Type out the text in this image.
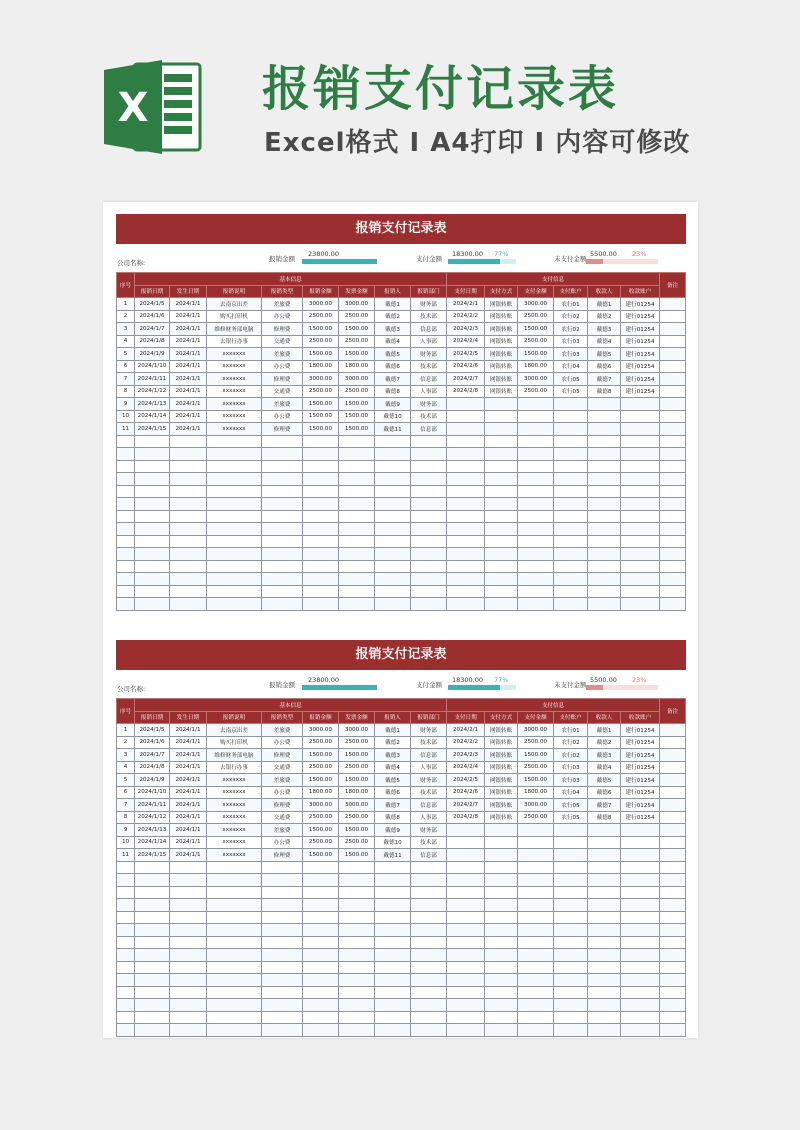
X 报销支付记录表
Excel格式 I A4打印 I 内容可修改
报销支付记录表
公司名称:	报销金额
23800.00
支付金额
18300.00 77%
未支付金额
5500.00 23%
序号	基本信息								支付信息						备注
	报销日期	发生日期	报销说明	报销类型	报销金额	发票金额	报销人	报销部门	支付日期	支付方式	支付金额	支付账户	收款人	收款账户	
1	2024/1/5	2024/1/1	去南京出差	差旅费	3000.00	3000.00	戴德1	财务部	2024/2/1	网银转账	3000.00	农行01	戴德1	建行01254	
2	2024/1/6	2024/1/1	购买打印机	办公费	2500.00	2500.00	戴德2	技术部	2024/2/2	网银转账	2500.00	农行02	戴德2	建行01254	
3	2024/1/7	2024/1/1	维修财务部电脑	修理费	1500.00	1500.00	戴德3	信息部	2024/2/3	网银转账	1500.00	农行02	戴德3	建行01254	
4	2024/1/8	2024/1/1	去银行办事	交通费	2500.00	2500.00	戴德4	人事部	2024/2/4	网银转账	2500.00	农行03	戴德4	建行01254	
5	2024/1/9	2024/1/1	xxxxxxx	差旅费	1500.00	1500.00	戴德5	财务部	2024/2/5	网银转账	1500.00	农行03	戴德5	建行01254	
6	2024/1/10	2024/1/1	xxxxxxx	办公费	1800.00	1800.00	戴德6	技术部	2024/2/6	网银转账	1800.00	农行04	戴德6	建行01254	
7	2024/1/11	2024/1/1	xxxxxxx	修理费	3000.00	3000.00	戴德7	信息部	2024/2/7	网银转账	3000.00	农行05	戴德7	建行01254	
8	2024/1/12	2024/1/1	xxxxxxx	交通费	2500.00	2500.00	戴德8	人事部	2024/2/8	网银转账	2500.00	农行05	戴德8	建行01254	
9	2024/1/13	2024/1/1	xxxxxxx	差旅费	1500.00	1500.00	戴德9	财务部							
10	2024/1/14	2024/1/1	xxxxxxx	办公费	1500.00	1500.00	戴德10	技术部							
11	2024/1/15	2024/1/1	xxxxxxx	修理费	1500.00	1500.00	戴德11	信息部							

报销支付记录表
公司名称:	报销金额
23800.00
支付金额
18300.00 77%
未支付金额
5500.00 23%
序号	基本信息								支付信息						备注
	报销日期	发生日期	报销说明	报销类型	报销金额	发票金额	报销人	报销部门	支付日期	支付方式	支付金额	支付账户	收款人	收款账户	
1	2024/1/5	2024/1/1	去南京出差	差旅费	3000.00	3000.00	戴德1	财务部	2024/2/1	网银转账	3000.00	农行01	戴德1	建行01254	
2	2024/1/6	2024/1/1	购买打印机	办公费	2500.00	2500.00	戴德2	技术部	2024/2/2	网银转账	2500.00	农行02	戴德2	建行01254	
3	2024/1/7	2024/1/1	维修财务部电脑	修理费	1500.00	1500.00	戴德3	信息部	2024/2/3	网银转账	1500.00	农行02	戴德3	建行01254	
4	2024/1/8	2024/1/1	去银行办事	交通费	2500.00	2500.00	戴德4	人事部	2024/2/4	网银转账	2500.00	农行03	戴德4	建行01254	
5	2024/1/9	2024/1/1	xxxxxxx	差旅费	1500.00	1500.00	戴德5	财务部	2024/2/5	网银转账	1500.00	农行03	戴德5	建行01254	
6	2024/1/10	2024/1/1	xxxxxxx	办公费	1800.00	1800.00	戴德6	技术部	2024/2/6	网银转账	1800.00	农行04	戴德6	建行01254	
7	2024/1/11	2024/1/1	xxxxxxx	修理费	3000.00	3000.00	戴德7	信息部	2024/2/7	网银转账	3000.00	农行05	戴德7	建行01254	
8	2024/1/12	2024/1/1	xxxxxxx	交通费	2500.00	2500.00	戴德8	人事部	2024/2/8	网银转账	2500.00	农行05	戴德8	建行01254	
9	2024/1/13	2024/1/1	xxxxxxx	差旅费	1500.00	1500.00	戴德9	财务部							
10	2024/1/14	2024/1/1	xxxxxxx	办公费	2500.00	2500.00	戴德10	技术部							
11	2024/1/15	2024/1/1	xxxxxxx	修理费	1500.00	1500.00	戴德11	信息部							
